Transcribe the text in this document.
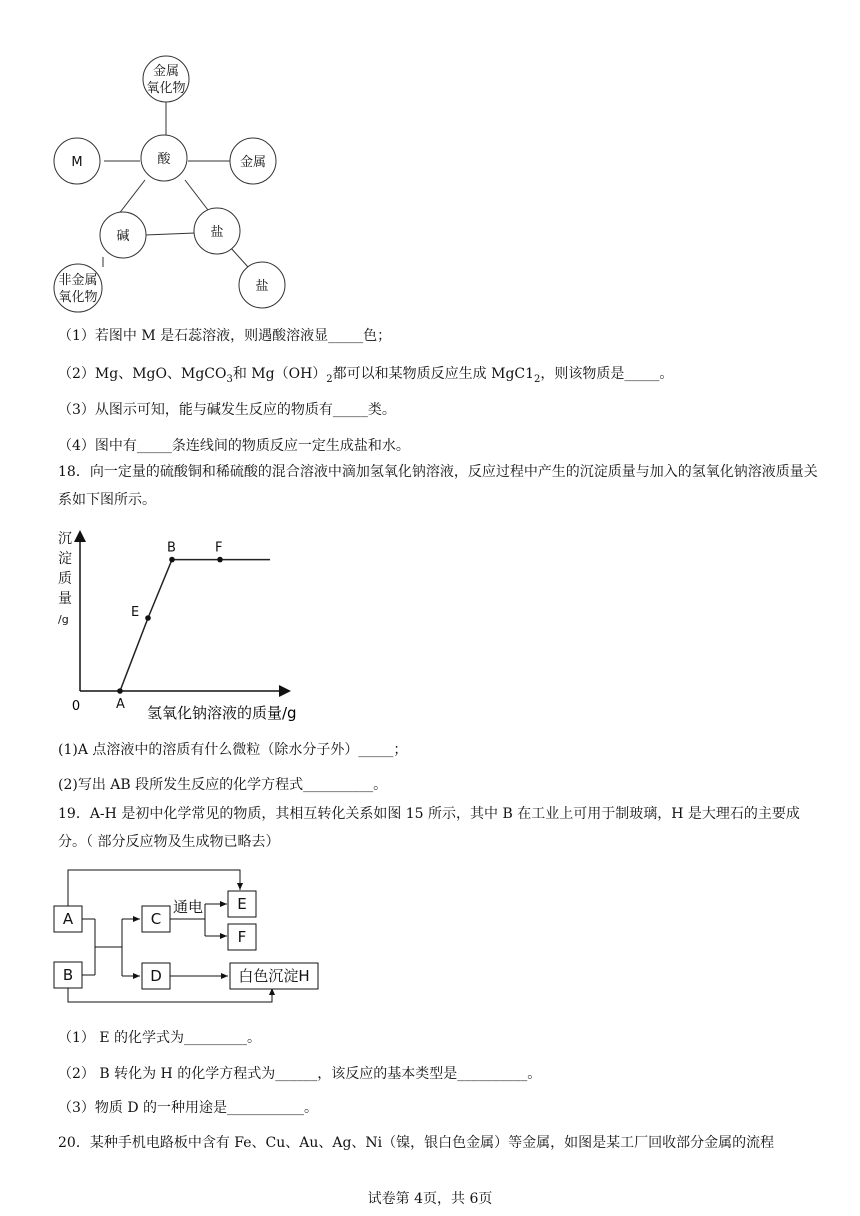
金属
氧化物
M	酸	金属
碱	盐
非金属
氧化物
盐
（1）若图中 M 是石蕊溶液，则遇酸溶液显_____色；
（2）Mg、MgO、MgCO$_3$和 $Mg(OH)_2$都可以和某物质反应生成 $MgC1_2$，则该物质是_____。
（3）从图示可知，能与碱发生反应的物质有_____类。
（4）图中有_____条连线间的物质反应一定生成盐和水。
18．向一定量的硫酸铜和稀硫酸的混合溶液中滴加氢氧化钠溶液，反应过程中产生的沉淀质量与加入的氢氧化钠溶液质量关系如下图所示。
沉
淀
质
量
/g
0	氢氧化钠溶液的质量/g
A
E
B	F
(1)A 点溶液中的溶质有什么微粒（除水分子外）_____；
(2)写出 AB 段所发生反应的化学方程式__________。
19．A-H 是初中化学常见的物质，其相互转化关系如图 15 所示，其中 B 在工业上可用于制玻璃，H 是大理石的主要成分。（ 部分反应物及生成物已略去）
A
B
C
D
E
F
白色沉淀H
通电
（1） E 的化学式为_________。
（2） B 转化为 H 的化学方程式为______，该反应的基本类型是__________。
（3）物质 D 的一种用途是___________。
20．某种手机电路板中含有 Fe、Cu、Au、Ag、Ni（镍，银白色金属）等金属，如图是某工厂回收部分金属的流程
试卷第 4页，共 6页
